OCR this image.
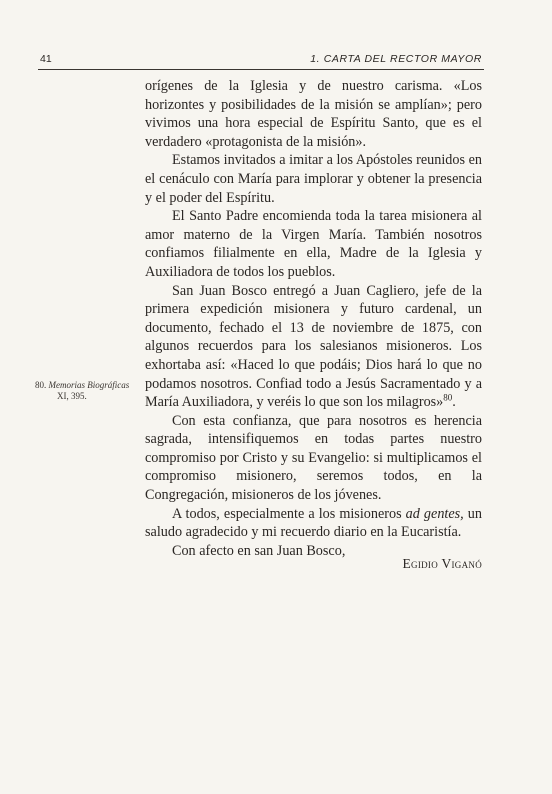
41	1. CARTA DEL RECTOR MAYOR
80. Memorias Biográficas
XI, 395.

orígenes de la Iglesia y de nuestro carisma. «Los horizontes y posibilidades de la misión se amplían»; pero vivimos una hora especial de Espíritu Santo, que es el verdadero «protagonista de la misión».

Estamos invitados a imitar a los Apóstoles reunidos en el cenáculo con María para implorar y obtener la presencia y el poder del Espíritu.

El Santo Padre encomienda toda la tarea misionera al amor materno de la Virgen María. También nosotros confiamos filialmente en ella, Madre de la Iglesia y Auxiliadora de todos los pueblos.

San Juan Bosco entregó a Juan Cagliero, jefe de la primera expedición misionera y futuro cardenal, un documento, fechado el 13 de noviembre de 1875, con algunos recuerdos para los salesianos misioneros. Los exhortaba así: «Haced lo que podáis; Dios hará lo que no podamos nosotros. Confiad todo a Jesús Sacramentado y a María Auxiliadora, y veréis lo que son los milagros»$^{80}$.

Con esta confianza, que para nosotros es herencia sagrada, intensifiquemos en todas partes nuestro compromiso por Cristo y su Evangelio: si multiplicamos el compromiso misionero, seremos todos, en la Congregación, misioneros de los jóvenes.

A todos, especialmente a los misioneros ad gentes, un saludo agradecido y mi recuerdo diario en la Eucaristía.

Con afecto en san Juan Bosco,

Egidio Viganó
